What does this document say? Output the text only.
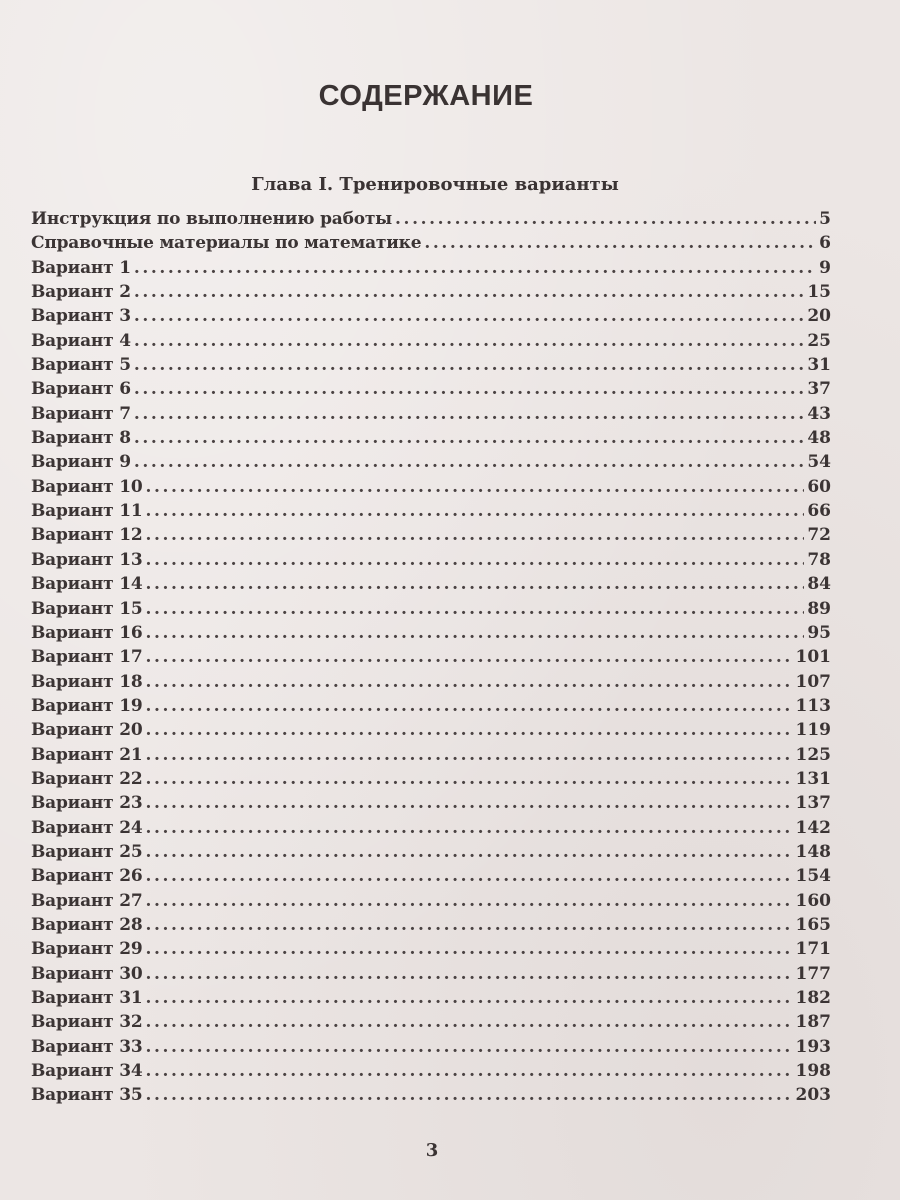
СОДЕРЖАНИЕ
Глава I. Тренировочные варианты
Инструкция по выполнению работы .....	5
Справочные материалы по математике .....	6
Вариант 1 .....	9
Вариант 2 .....	15
Вариант 3 .....	20
Вариант 4 .....	25
Вариант 5 .....	31
Вариант 6 .....	37
Вариант 7 .....	43
Вариант 8 .....	48
Вариант 9 .....	54
Вариант 10 .....	60
Вариант 11 .....	66
Вариант 12 .....	72
Вариант 13 .....	78
Вариант 14 .....	84
Вариант 15 .....	89
Вариант 16 .....	95
Вариант 17 .....	101
Вариант 18 .....	107
Вариант 19 .....	113
Вариант 20 .....	119
Вариант 21 .....	125
Вариант 22 .....	131
Вариант 23 .....	137
Вариант 24 .....	142
Вариант 25 .....	148
Вариант 26 .....	154
Вариант 27 .....	160
Вариант 28 .....	165
Вариант 29 .....	171
Вариант 30 .....	177
Вариант 31 .....	182
Вариант 32 .....	187
Вариант 33 .....	193
Вариант 34 .....	198
Вариант 35 .....	203
3
